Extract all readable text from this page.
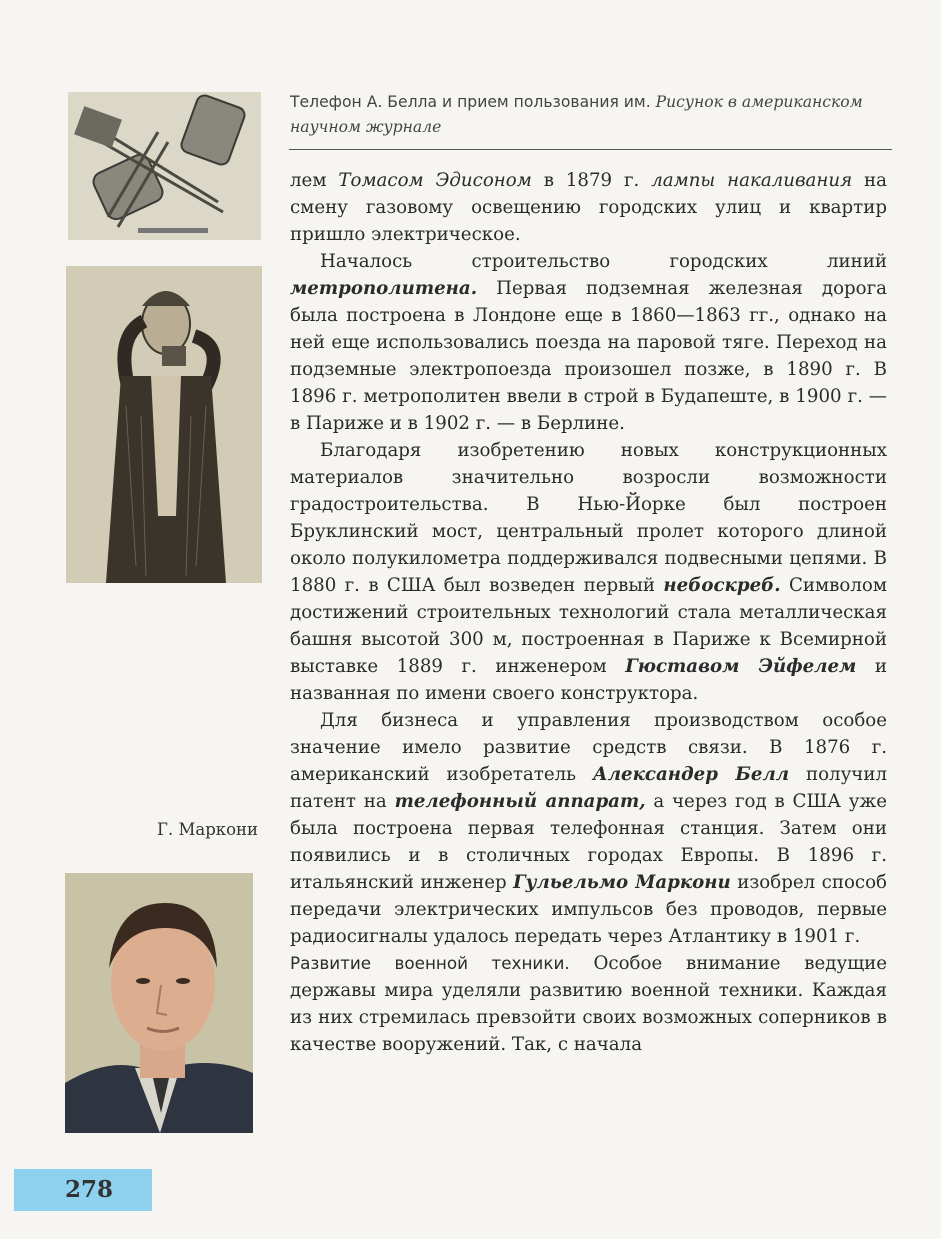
Г. Маркони
Телефон А. Белла и прием пользования им. Рисунок в американском научном журнале

лем Томасом Эдисоном в 1879 г. лампы накаливания на смену газовому освещению городских улиц и квартир пришло электрическое.

Началось строительство городских линий метрополитена. Первая подземная железная дорога была построена в Лондоне еще в 1860—1863 гг., однако на ней еще использовались поезда на паровой тяге. Переход на подземные электропоезда произошел позже, в 1890 г. В 1896 г. метрополитен ввели в строй в Будапеште, в 1900 г. — в Париже и в 1902 г. — в Берлине.

Благодаря изобретению новых конструкционных материалов значительно возросли возможности градостроительства. В Нью-Йорке был построен Бруклинский мост, центральный пролет которого длиной около полукилометра поддерживался подвесными цепями. В 1880 г. в США был возведен первый небоскреб. Символом достижений строительных технологий стала металлическая башня высотой 300 м, построенная в Париже к Всемирной выставке 1889 г. инженером Гюставом Эйфелем и названная по имени своего конструктора.

Для бизнеса и управления производством особое значение имело развитие средств связи. В 1876 г. американский изобретатель Александер Белл получил патент на телефонный аппарат, а через год в США уже была построена первая телефонная станция. Затем они появились и в столичных городах Европы. В 1896 г. итальянский инженер Гульельмо Маркони изобрел способ передачи электрических импульсов без проводов, первые радиосигналы удалось передать через Атлантику в 1901 г.

Развитие военной техники. Особое внимание ведущие державы мира уделяли развитию военной техники. Каждая из них стремилась превзойти своих возможных соперников в качестве вооружений. Так, с начала

278
